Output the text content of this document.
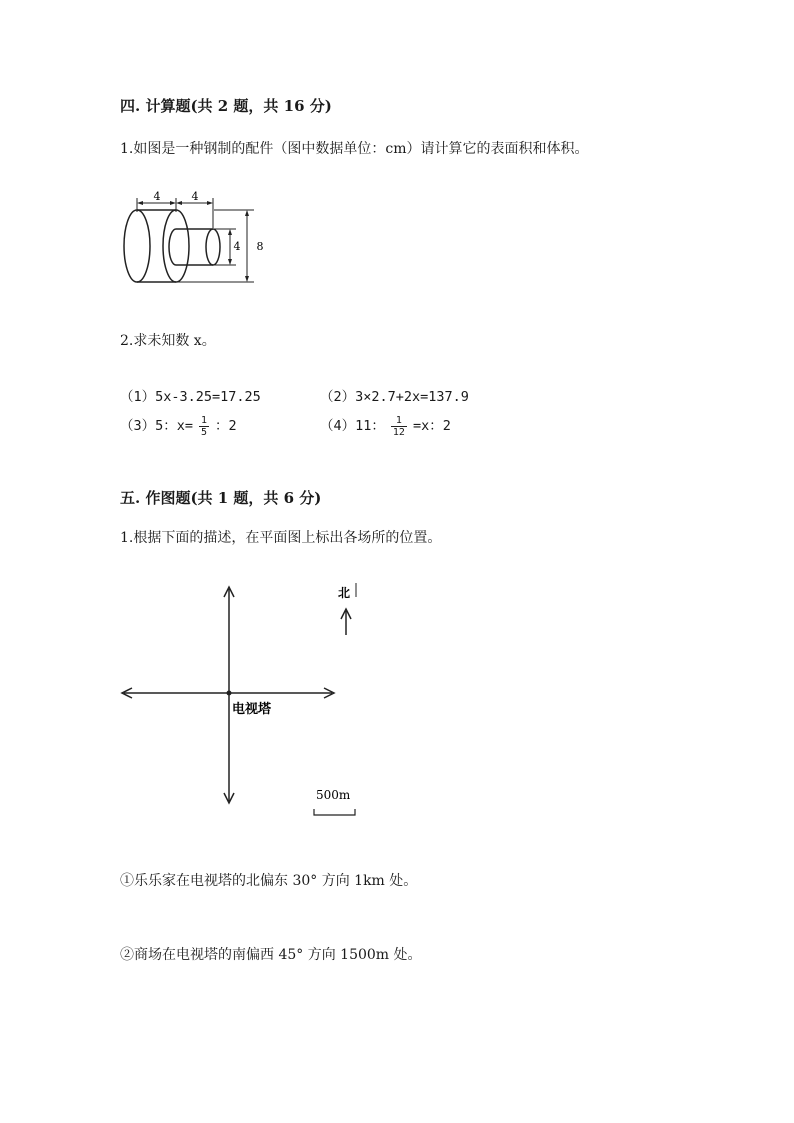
四. 计算题(共 2 题，共 16 分)
1.如图是一种钢制的配件（图中数据单位：cm）请计算它的表面积和体积。
4	4
4 8
2.求未知数 x。
（1）5x-3.25=17.25	（2）3×2.7+2x=137.9
（3）5：$x= \frac{1}{5}$ ：2	（4）11： $\frac{1}{12} =x$：2
五. 作图题(共 1 题，共 6 分)
1.根据下面的描述，在平面图上标出各场所的位置。
北
电视塔
500m
①乐乐家在电视塔的北偏东 30° 方向 1km 处。
②商场在电视塔的南偏西 45° 方向 1500m 处。
